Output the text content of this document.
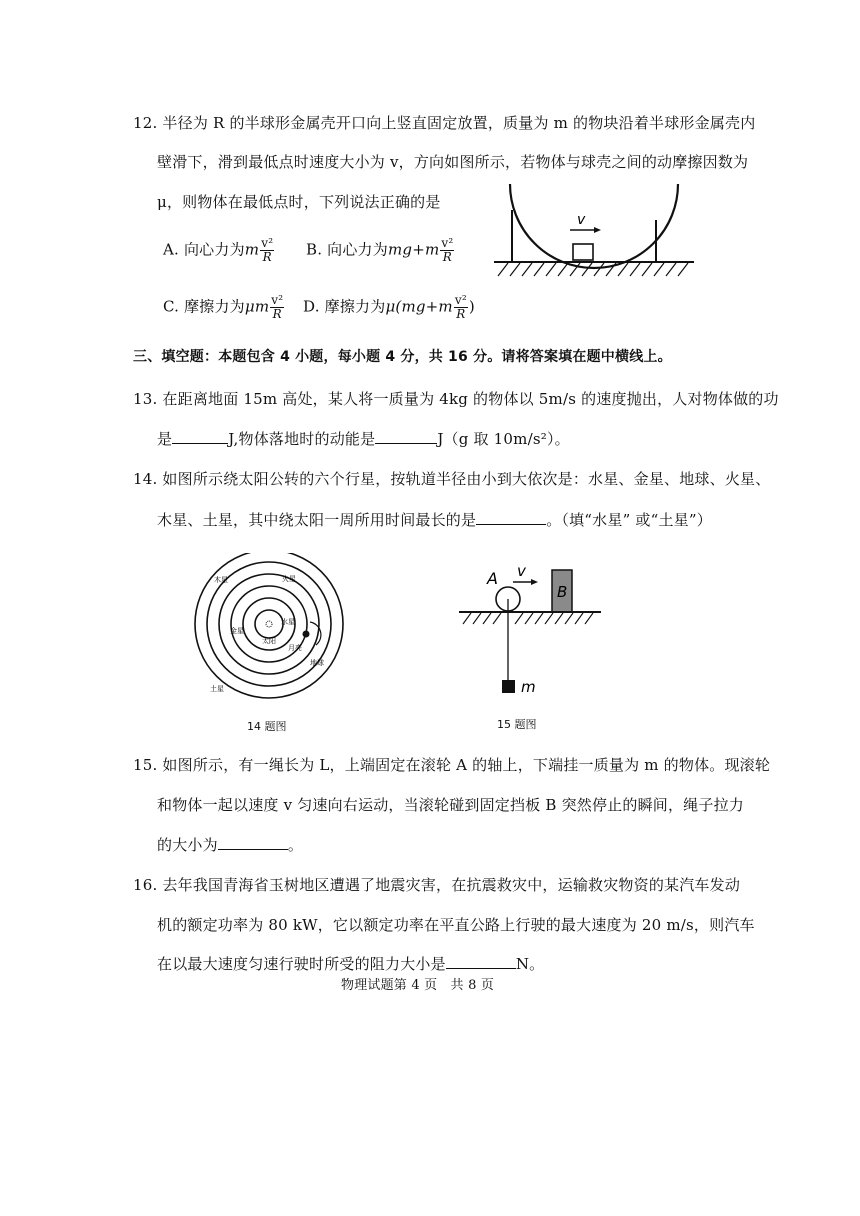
12. 半径为 R 的半球形金属壳开口向上竖直固定放置，质量为 m 的物块沿着半球形金属壳内
壁滑下，滑到最低点时速度大小为 v，方向如图所示，若物体与球壳之间的动摩擦因数为
μ，则物体在最低点时，下列说法正确的是
A. 向心力为m $\frac{\text{v²}}{R} B$. 向心力为$mg+m \frac{\text{v²}}{R}$
C. 摩擦力为μm $\frac{\text{v²}}{R} D$. 摩擦力为$\mu(mg+m \frac{\text{v²}}{R}$ )
v
三、填空题：本题包含 4 小题，每小题 4 分，共 16 分。请将答案填在题中横线上。
13. 在距离地面 15m 高处，某人将一质量为 4kg 的物体以 5m/s 的速度抛出，人对物体做的功
是	J,物体落地时的动能是	J（g 取 10m/s²）。
14. 如图所示绕太阳公转的六个行星，按轨道半径由小到大依次是：水星、金星、地球、火星、
木星、土星，其中绕太阳一周所用时间最长的是	。（填“水星” 或“土星”）
木星	火星
金星
水星
太阳
月亮
地球
土星
14 题图
A v
B
m
15 题图
15. 如图所示，有一绳长为 L，上端固定在滚轮 A 的轴上，下端挂一质量为 m 的物体。现滚轮
和物体一起以速度 v 匀速向右运动，当滚轮碰到固定挡板 B 突然停止的瞬间，绳子拉力
的大小为	。
16. 去年我国青海省玉树地区遭遇了地震灾害，在抗震救灾中，运输救灾物资的某汽车发动
机的额定功率为 80 kW，它以额定功率在平直公路上行驶的最大速度为 20 m/s，则汽车
在以最大速度匀速行驶时所受的阻力大小是	N。
物理试题第 4 页　共 8 页
